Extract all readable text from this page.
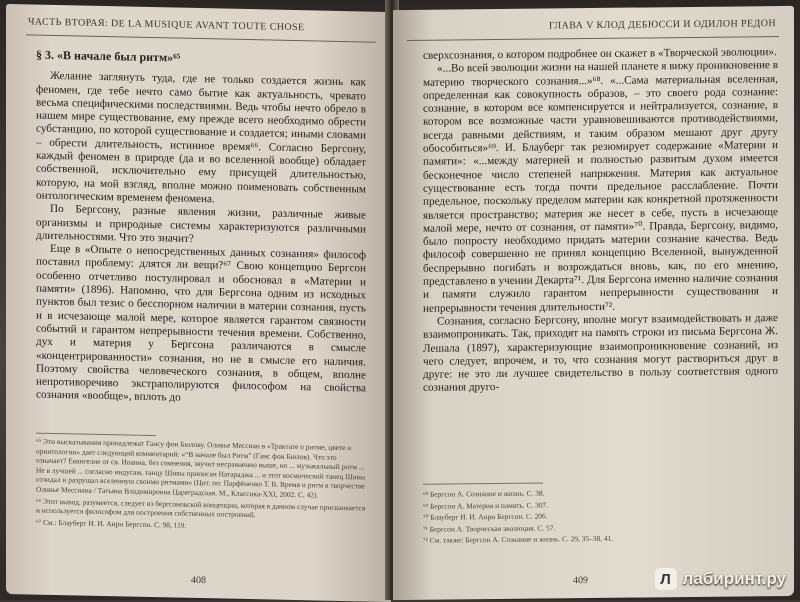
ЧАСТЬ ВТОРАЯ: DE LA MUSIQUE AVANT TOUTE CHOSE

§ 3. «В начале был ритм»⁶⁵

Желание заглянуть туда, где не только создается жизнь как феномен, где тебе нечто само бытие как актуальность, чревато весьма специфическими последствиями. Ведь чтобы нечто обрело в нашем мире существование, ему прежде всего необходимо обрести субстанцию, по которой существование и создается; иными словами – обрести длительность, истинное время⁶⁶. Согласно Бергсону, каждый феномен в природе (да и во вселенной вообще) обладает собственной, исключительно ему присущей длительностью, которую, на мой взгляд, вполне можно поименовать собственным онтологическим временем феномена.

По Бергсону, разные явления жизни, различные живые организмы и природные системы характеризуются различными длительностями. Что это значит?

Еще в «Опыте о непосредственных данных сознания» философ поставил проблему: длятся ли вещи?⁶⁷ Свою концепцию Бергсон особенно отчетливо постулировал и обосновал в «Материи и памяти» (1896). Напомню, что для Бергсона одним из исходных пунктов был тезис о бесспорном наличии в материи сознания, пусть и в исчезающе малой мере, которое является гарантом связности событий и гарантом непрерывности течения времени. Собственно, дух и материя у Бергсона различаются в смысле «концентрированности» сознания, но не в смысле его наличия. Поэтому свойства человеческого сознания, в общем, вполне непротиворечиво экстраполируются философом на свойства сознания «вообще», вплоть до

⁶⁵ Эти высказывания принадлежат Гансу фон Бюлову. Оливье Мессиан в «Трактате о ритме, цвете и орнитологии» дает следующий комментарий: «“В начале был Ритм” (Ганс фон Бюлов). Что это означает? Евангелие от св. Иоанна, без сомнения, звучит несравненно выше, но ... музыкальный ритм ... Не в лучшей ... согласно индусам, танцу Шивы приписан Натараджа ... и этот космический танец Шивы созидал и разрушал вселенную своими ритмами» (Цит. по: Парфёненко Т. В. Время и ритм в творчестве Оливье Мессиана / Татьяна Владимировна Цареградская. М., Классика-XXI, 2002. С. 42).

⁶⁶ Этот вывод, разумеется, следует из бергсоновской концепции, которая в данном случае присваивается и используется философом для построения собственных построений.

⁶⁷ См.: Блауберг И. И. Анри Бергсон. С. 98, 119.

408
ГЛАВА V КЛОД ДЕБЮССИ И ОДИЛОН РЕДОН

сверхсознания, о котором подробнее он скажет в «Творческой эволюции».

«...Во всей эволюции жизни на нашей планете я вижу проникновение в материю творческого сознания...»⁶⁸. «...Сама материальная вселенная, определенная как совокупность образов, – это своего рода сознание: сознание, в котором все компенсируется и нейтрализуется, сознание, в котором все возможные части уравновешиваются противодействиями, всегда равными действиям, и таким образом мешают друг другу обособиться»⁶⁹. И. Блауберг так резюмирует содержание «Материи и памяти»: «...между материей и полностью развитым духом имеется бесконечное число степеней напряжения. Материя как актуальное существование есть тогда почти предельное расслабление. Почти предельное, поскольку пределом материи как конкретной протяженности является пространство; материя же несет в себе, пусть в исчезающе малой мере, нечто от сознания, от памяти»⁷⁰. Правда, Бергсону, видимо, было попросту необходимо придать материи сознание качества. Ведь философ совершенно не принял концепцию Вселенной, вынужденной беспрерывно погибать и возрождаться вновь, как, по его мнению, представлено в учении Декарта⁷¹. Для Бергсона именно наличие сознания и памяти служило гарантом непрерывности существования и непрерывности течения длительности⁷².

Сознания, согласно Бергсону, вполне могут взаимодействовать и даже взаимопроникать. Так, приходят на память строки из письма Бергсона Ж. Лешала (1897), характеризующие взаимопроникновение сознаний, из чего следует, впрочем, и то, что сознания могут раствориться друг в друге: не это ли лучшее свидетельство в пользу соответствия одного сознания друго-

⁶⁸ Бергсон А. Сознание и жизнь. С. 38.

⁶⁹ Бергсон А. Материя и память. С. 307.

⁷⁰ Блауберг И. И. Анри Бергсон. С. 206.

⁷¹ Бергсон А. Творческая эволюция. С. 57.

⁷² См. также: Бергсон А. Сознание и жизнь. С. 29, 35–38, 41.

409	Л лабиринт.ру
